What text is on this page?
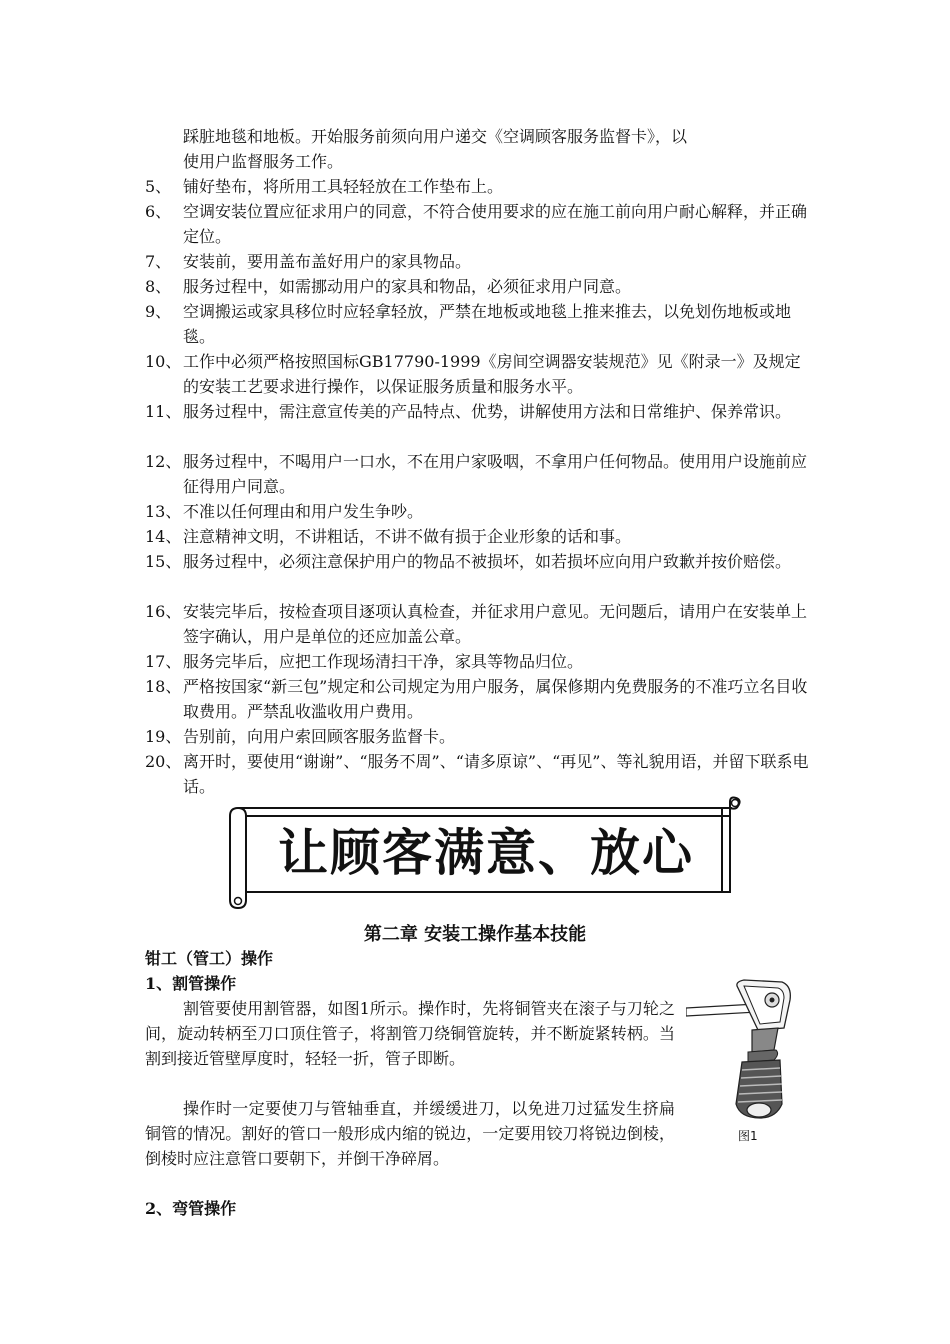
踩脏地毯和地板。开始服务前须向用户递交《空调顾客服务监督卡》，以
使用户监督服务工作。
5、 铺好垫布，将所用工具轻轻放在工作垫布上。
6、 空调安装位置应征求用户的同意，不符合使用要求的应在施工前向用户耐心解释，并正确定位。
7、 安装前，要用盖布盖好用户的家具物品。
8、 服务过程中，如需挪动用户的家具和物品，必须征求用户同意。
9、 空调搬运或家具移位时应轻拿轻放，严禁在地板或地毯上推来推去，以免划伤地板或地毯。
10、 工作中必须严格按照国标GB17790-1999《房间空调器安装规范》见《附录一》及规定的安装工艺要求进行操作，以保证服务质量和服务水平。
11、 服务过程中，需注意宣传美的产品特点、优势，讲解使用方法和日常维护、保养常识。
12、 服务过程中，不喝用户一口水，不在用户家吸咽，不拿用户任何物品。使用用户设施前应征得用户同意。
13、 不准以任何理由和用户发生争吵。
14、 注意精神文明，不讲粗话，不讲不做有损于企业形象的话和事。
15、 服务过程中，必须注意保护用户的物品不被损坏，如若损坏应向用户致歉并按价赔偿。
16、 安装完毕后，按检查项目逐项认真检查，并征求用户意见。无问题后，请用户在安装单上签字确认，用户是单位的还应加盖公章。
17、 服务完毕后，应把工作现场清扫干净，家具等物品归位。
18、 严格按国家“新三包”规定和公司规定为用户服务，属保修期内免费服务的不准巧立名目收取费用。严禁乱收滥收用户费用。
19、 告别前，向用户索回顾客服务监督卡。
20、 离开时，要使用“谢谢”、“服务不周”、“请多原谅”、“再见”、等礼貌用语，并留下联系电话。
让顾客满意、放心
第二章 安装工操作基本技能
钳工（管工）操作
1、割管操作
割管要使用割管器，如图1所示。操作时，先将铜管夹在滚子与刀轮之间，旋动转柄至刀口顶住管子，将割管刀绕铜管旋转，并不断旋紧转柄。当割到接近管壁厚度时，轻轻一折，管子即断。
操作时一定要使刀与管轴垂直，并缓缓进刀，以免进刀过猛发生挤扁铜管的情况。割好的管口一般形成内缩的锐边，一定要用铰刀将锐边倒棱，倒棱时应注意管口要朝下，并倒干净碎屑。
2、弯管操作
图1
